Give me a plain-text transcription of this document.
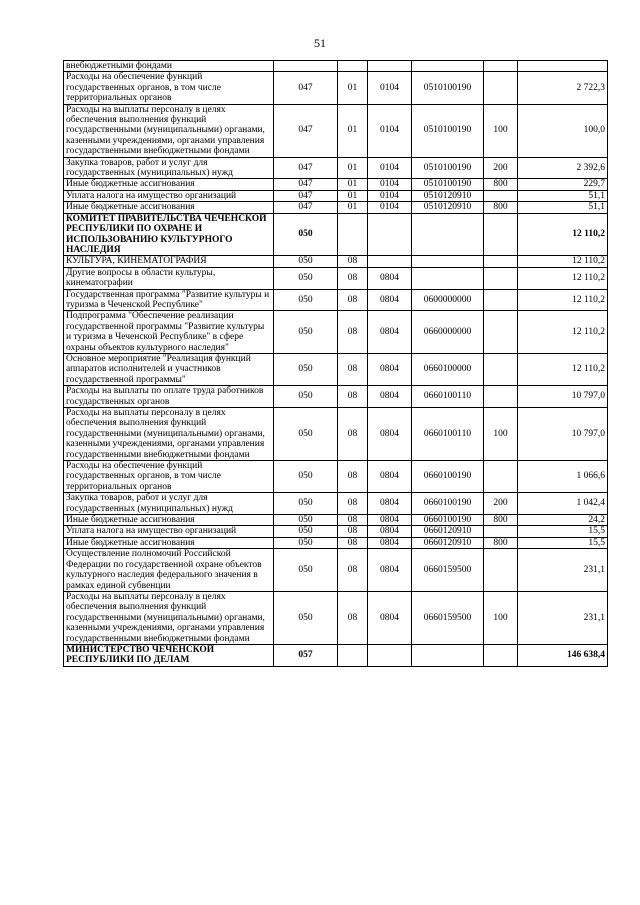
51
внебюджетными фондами						
Расходы на обеспечение функций государственных органов, в том числе территориальных органов	047	01	0104	0510100190		2 722,3
Расходы на выплаты персоналу в целях обеспечения выполнения функций государственными (муниципальными) органами, казенными учреждениями, органами управления государственными внебюджетными фондами	047	01	0104	0510100190	100	100,0
Закупка товаров, работ и услуг для государственных (муниципальных) нужд	047	01	0104	0510100190	200	2 392,6
Иные бюджетные ассигнования	047	01	0104	0510100190	800	229,7
Уплата налога на имущество организаций	047	01	0104	0510120910		51,1
Иные бюджетные ассигнования	047	01	0104	0510120910	800	51,1
КОМИТЕТ ПРАВИТЕЛЬСТВА ЧЕЧЕНСКОЙ РЕСПУБЛИКИ ПО ОХРАНЕ И ИСПОЛЬЗОВАНИЮ КУЛЬТУРНОГО НАСЛЕДИЯ	050					12 110,2
КУЛЬТУРА, КИНЕМАТОГРАФИЯ	050	08				12 110,2
Другие вопросы в области культуры, кинематографии	050	08	0804			12 110,2
Государственная программа "Развитие культуры и туризма в Чеченской Республике"	050	08	0804	0600000000		12 110,2
Подпрограмма "Обеспечение реализации государственной программы "Развитие культуры и туризма в Чеченской Республике" в сфере охраны объектов культурного наследия"	050	08	0804	0660000000		12 110,2
Основное мероприятие "Реализация функций аппаратов исполнителей и участников государственной программы"	050	08	0804	0660100000		12 110,2
Расходы на выплаты по оплате труда работников государственных органов	050	08	0804	0660100110		10 797,0
Расходы на выплаты персоналу в целях обеспечения выполнения функций государственными (муниципальными) органами, казенными учреждениями, органами управления государственными внебюджетными фондами	050	08	0804	0660100110	100	10 797,0
Расходы на обеспечение функций государственных органов, в том числе территориальных органов	050	08	0804	0660100190		1 066,6
Закупка товаров, работ и услуг для государственных (муниципальных) нужд	050	08	0804	0660100190	200	1 042,4
Иные бюджетные ассигнования	050	08	0804	0660100190	800	24,2
Уплата налога на имущество организаций	050	08	0804	0660120910		15,5
Иные бюджетные ассигнования	050	08	0804	0660120910	800	15,5
Осуществление полномочий Российской Федерации по государственной охране объектов культурного наследия федерального значения в рамках единой субвенции	050	08	0804	0660159500		231,1
Расходы на выплаты персоналу в целях обеспечения выполнения функций государственными (муниципальными) органами, казенными учреждениями, органами управления государственными внебюджетными фондами	050	08	0804	0660159500	100	231,1
МИНИСТЕРСТВО ЧЕЧЕНСКОЙ РЕСПУБЛИКИ ПО ДЕЛАМ	057					146 638,4
